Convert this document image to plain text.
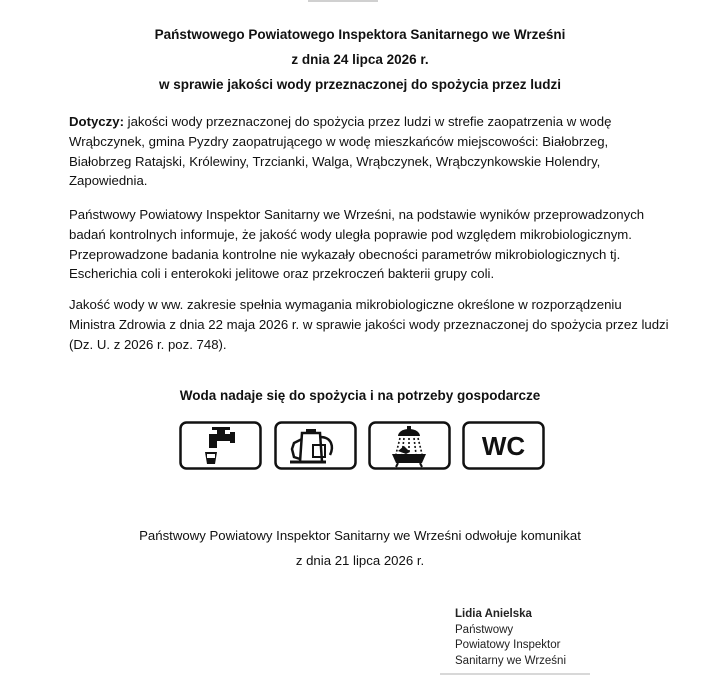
Państwowego Powiatowego Inspektora Sanitarnego we Wrześni
z dnia 24 lipca 2026 r.
w sprawie jakości wody przeznaczonej do spożycia przez ludzi

Dotyczy: jakości wody przeznaczonej do spożycia przez ludzi w strefie zaopatrzenia w wodę Wrąbczynek, gmina Pyzdry zaopatrującego w wodę mieszkańców miejscowości: Białobrzeg, Białobrzeg Ratajski, Królewiny, Trzcianki, Walga, Wrąbczynek, Wrąbczynkowskie Holendry, Zapowiednia.

Państwowy Powiatowy Inspektor Sanitarny we Wrześni, na podstawie wyników przeprowadzonych badań kontrolnych informuje, że jakość wody uległa poprawie pod względem mikrobiologicznym. Przeprowadzone badania kontrolne nie wykazały obecności parametrów mikrobiologicznych tj. Escherichia coli i enterokoki jelitowe oraz przekroczeń bakterii grupy coli.

Jakość wody w ww. zakresie spełnia wymagania mikrobiologiczne określone w rozporządzeniu Ministra Zdrowia z dnia 22 maja 2026 r. w sprawie jakości wody przeznaczonej do spożycia przez ludzi (Dz. U. z 2026 r. poz. 748).

Woda nadaje się do spożycia i na potrzeby gospodarcze
WC
Państwowy Powiatowy Inspektor Sanitarny we Wrześni odwołuje komunikat
z dnia 21 lipca 2026 r.
Lidia Anielska
Państwowy
Powiatowy Inspektor
Sanitarny we Wrześni
